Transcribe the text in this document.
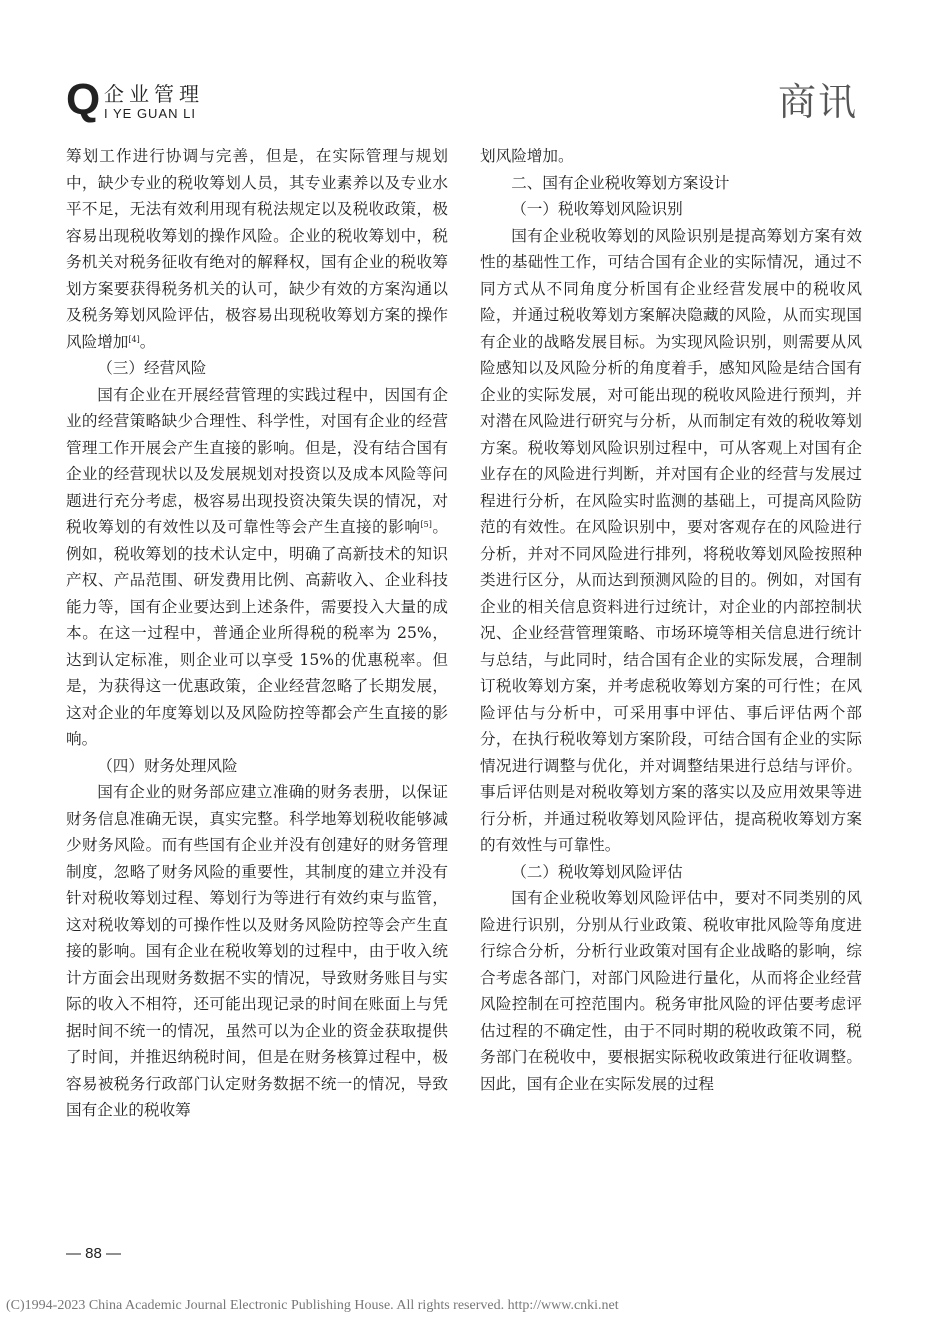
Q 企业管理
I YE GUAN LI	商讯

筹划工作进行协调与完善，但是，在实际管理与规划中，缺少专业的税收筹划人员，其专业素养以及专业水平不足，无法有效利用现有税法规定以及税收政策，极容易出现税收筹划的操作风险。企业的税收筹划中，税务机关对税务征收有绝对的解释权，国有企业的税收筹划方案要获得税务机关的认可，缺少有效的方案沟通以及税务筹划风险评估，极容易出现税收筹划方案的操作风险增加[4]。

（三）经营风险

国有企业在开展经营管理的实践过程中，因国有企业的经营策略缺少合理性、科学性，对国有企业的经营管理工作开展会产生直接的影响。但是，没有结合国有企业的经营现状以及发展规划对投资以及成本风险等问题进行充分考虑，极容易出现投资决策失误的情况，对税收筹划的有效性以及可靠性等会产生直接的影响[5]。例如，税收筹划的技术认定中，明确了高新技术的知识产权、产品范围、研发费用比例、高薪收入、企业科技能力等，国有企业要达到上述条件，需要投入大量的成本。在这一过程中，普通企业所得税的税率为 25%，达到认定标准，则企业可以享受 15%的优惠税率。但是，为获得这一优惠政策，企业经营忽略了长期发展，这对企业的年度筹划以及风险防控等都会产生直接的影响。

（四）财务处理风险

国有企业的财务部应建立准确的财务表册，以保证财务信息准确无误，真实完整。科学地筹划税收能够减少财务风险。而有些国有企业并没有创建好的财务管理制度，忽略了财务风险的重要性，其制度的建立并没有针对税收筹划过程、筹划行为等进行有效约束与监管，这对税收筹划的可操作性以及财务风险防控等会产生直接的影响。国有企业在税收筹划的过程中，由于收入统计方面会出现财务数据不实的情况，导致财务账目与实际的收入不相符，还可能出现记录的时间在账面上与凭据时间不统一的情况，虽然可以为企业的资金获取提供了时间，并推迟纳税时间，但是在财务核算过程中，极容易被税务行政部门认定财务数据不统一的情况，导致国有企业的税收筹

划风险增加。

二、国有企业税收筹划方案设计

（一）税收筹划风险识别

国有企业税收筹划的风险识别是提高筹划方案有效性的基础性工作，可结合国有企业的实际情况，通过不同方式从不同角度分析国有企业经营发展中的税收风险，并通过税收筹划方案解决隐藏的风险，从而实现国有企业的战略发展目标。为实现风险识别，则需要从风险感知以及风险分析的角度着手，感知风险是结合国有企业的实际发展，对可能出现的税收风险进行预判，并对潜在风险进行研究与分析，从而制定有效的税收筹划方案。税收筹划风险识别过程中，可从客观上对国有企业存在的风险进行判断，并对国有企业的经营与发展过程进行分析，在风险实时监测的基础上，可提高风险防范的有效性。在风险识别中，要对客观存在的风险进行分析，并对不同风险进行排列，将税收筹划风险按照种类进行区分，从而达到预测风险的目的。例如，对国有企业的相关信息资料进行过统计，对企业的内部控制状况、企业经营管理策略、市场环境等相关信息进行统计与总结，与此同时，结合国有企业的实际发展，合理制订税收筹划方案，并考虑税收筹划方案的可行性；在风险评估与分析中，可采用事中评估、事后评估两个部分，在执行税收筹划方案阶段，可结合国有企业的实际情况进行调整与优化，并对调整结果进行总结与评价。事后评估则是对税收筹划方案的落实以及应用效果等进行分析，并通过税收筹划风险评估，提高税收筹划方案的有效性与可靠性。

（二）税收筹划风险评估

国有企业税收筹划风险评估中，要对不同类别的风险进行识别，分别从行业政策、税收审批风险等角度进行综合分析，分析行业政策对国有企业战略的影响，综合考虑各部门，对部门风险进行量化，从而将企业经营风险控制在可控范围内。税务审批风险的评估要考虑评估过程的不确定性，由于不同时期的税收政策不同，税务部门在税收中，要根据实际税收政策进行征收调整。因此，国有企业在实际发展的过程

— 88 —
(C)1994-2023 China Academic Journal Electronic Publishing House. All rights reserved. http://www.cnki.net
